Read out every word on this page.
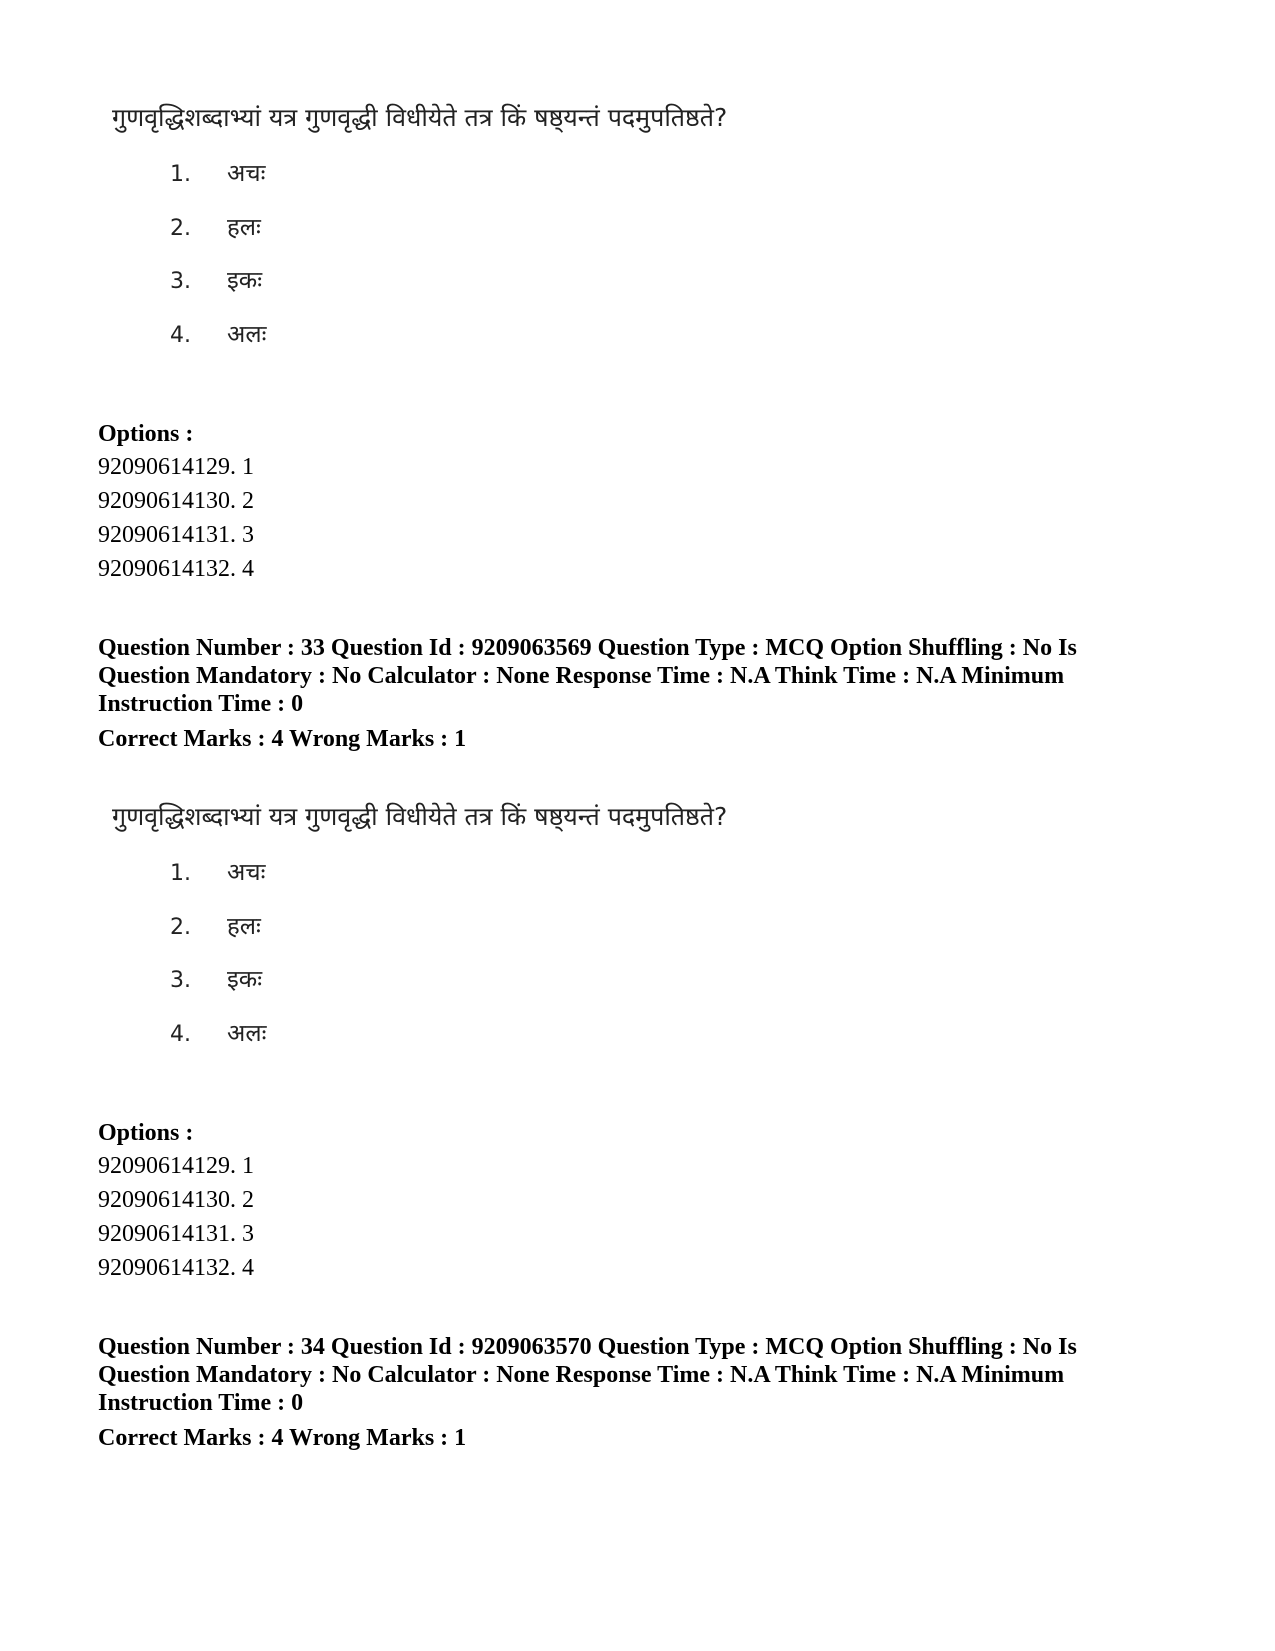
गुणवृद्धिशब्दाभ्यां यत्र गुणवृद्धी विधीयेते तत्र किं षष्ठ्यन्तं पदमुपतिष्ठते?
1. अचः
2. हलः
3. इकः
4. अलः
Options :
92090614129. 1
92090614130. 2
92090614131. 3
92090614132. 4
Question Number : 33 Question Id : 9209063569 Question Type : MCQ Option Shuffling : No Is Question Mandatory : No Calculator : None Response Time : N.A Think Time : N.A Minimum Instruction Time : 0
Correct Marks : 4 Wrong Marks : 1
गुणवृद्धिशब्दाभ्यां यत्र गुणवृद्धी विधीयेते तत्र किं षष्ठ्यन्तं पदमुपतिष्ठते?
1. अचः
2. हलः
3. इकः
4. अलः
Options :
92090614129. 1
92090614130. 2
92090614131. 3
92090614132. 4
Question Number : 34 Question Id : 9209063570 Question Type : MCQ Option Shuffling : No Is Question Mandatory : No Calculator : None Response Time : N.A Think Time : N.A Minimum Instruction Time : 0
Correct Marks : 4 Wrong Marks : 1
